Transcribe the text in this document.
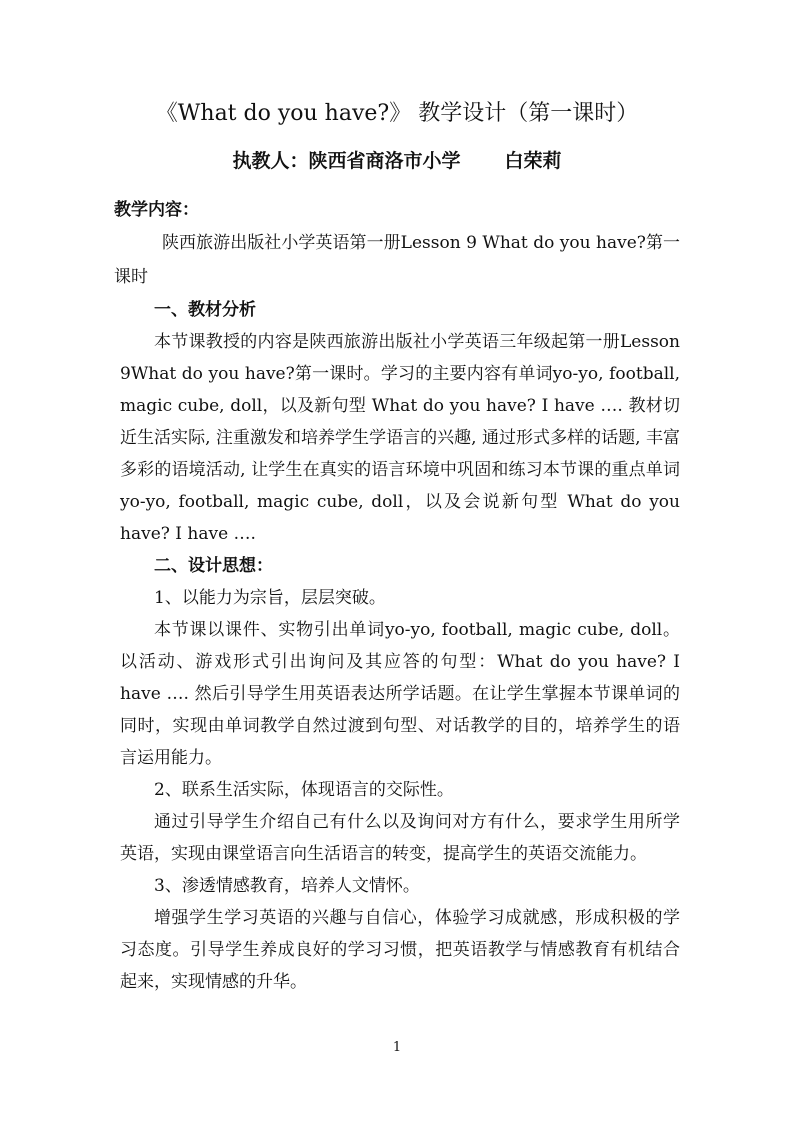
《What do you have?》 教学设计（第一课时）
执教人：陕西省商洛市小学 白荣莉

教学内容：

陕西旅游出版社小学英语第一册Lesson 9 What do you have?第一课时

一、教材分析

本节课教授的内容是陕西旅游出版社小学英语三年级起第一册Lesson 9What do you have?第一课时。学习的主要内容有单词yo-yo, football, magic cube, doll，以及新句型 What do you have? I have …. 教材切近生活实际, 注重激发和培养学生学语言的兴趣, 通过形式多样的话题, 丰富多彩的语境活动, 让学生在真实的语言环境中巩固和练习本节课的重点单词yo-yo, football, magic cube, doll，以及会说新句型 What do you have? I have ….

二、设计思想：

1、以能力为宗旨，层层突破。

本节课以课件、实物引出单词yo-yo, football, magic cube, doll。以活动、游戏形式引出询问及其应答的句型：What do you have? I have …. 然后引导学生用英语表达所学话题。在让学生掌握本节课单词的同时，实现由单词教学自然过渡到句型、对话教学的目的，培养学生的语言运用能力。

2、联系生活实际，体现语言的交际性。

通过引导学生介绍自己有什么以及询问对方有什么，要求学生用所学英语，实现由课堂语言向生活语言的转变，提高学生的英语交流能力。

3、渗透情感教育，培养人文情怀。

增强学生学习英语的兴趣与自信心，体验学习成就感，形成积极的学习态度。引导学生养成良好的学习习惯，把英语教学与情感教育有机结合起来，实现情感的升华。

1
